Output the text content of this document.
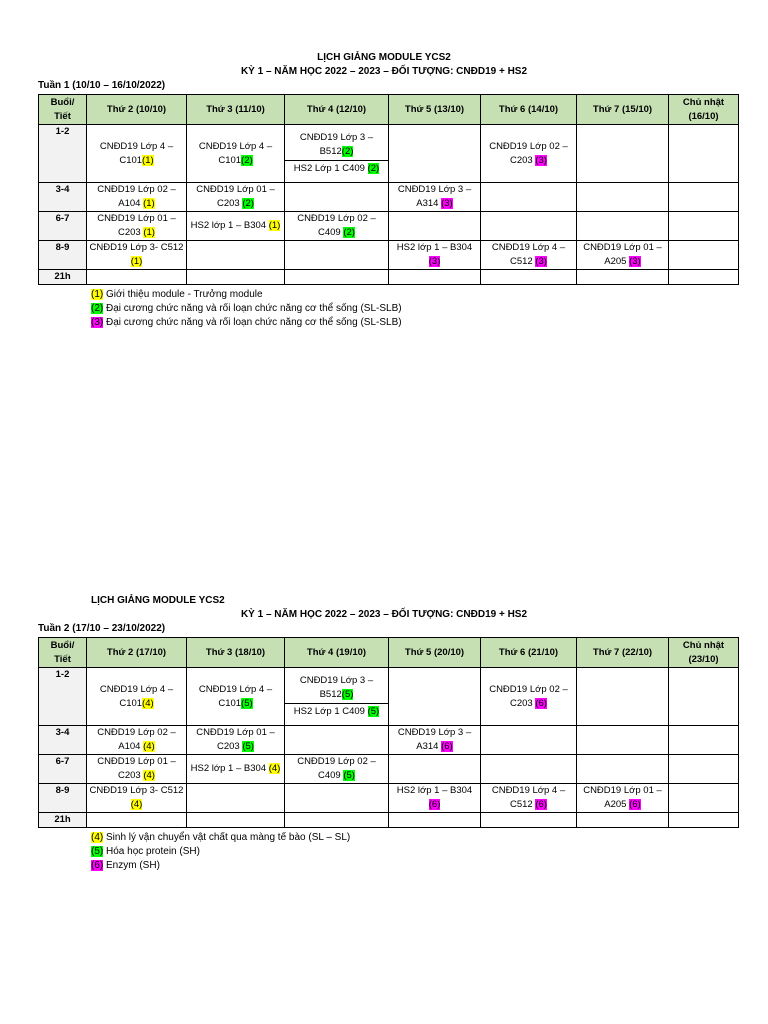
LỊCH GIẢNG MODULE YCS2
KỲ 1 – NĂM HỌC 2022 – 2023 – ĐỐI TƯỢNG: CNĐD19 + HS2
Tuần 1 (10/10 – 16/10/2022)
Buổi/ Tiết	Thứ 2 (10/10)	Thứ 3 (11/10)	Thứ 4 (12/10)	Thứ 5 (13/10)	Thứ 6 (14/10)	Thứ 7 (15/10)	Chủ nhật (16/10)
1-2	CNĐD19 Lớp 4 – C101(1)	CNĐD19 Lớp 4 – C101(2)	CNĐD19 Lớp 3 – B512(2)
HS2 Lớp 1 C409 (2)		CNĐD19 Lớp 02 – C203 (3)		
3-4	CNĐD19 Lớp 02 – A104 (1)	CNĐD19 Lớp 01 – C203 (2)		CNĐD19 Lớp 3 – A314 (3)			
6-7	CNĐD19 Lớp 01 – C203 (1)	HS2 lớp 1 – B304 (1)	CNĐD19 Lớp 02 – C409 (2)				
8-9	CNĐD19 Lớp 3- C512 (1)			HS2 lớp 1 – B304 (3)	CNĐD19 Lớp 4 – C512 (3)	CNĐD19 Lớp 01 – A205 (3)	
21h							
(1) Giới thiệu module - Trưởng module
(2) Đại cương chức năng và rối loạn chức năng cơ thể sống (SL-SLB)
(3) Đại cương chức năng và rối loạn chức năng cơ thể sống (SL-SLB)
LỊCH GIẢNG MODULE YCS2
KỲ 1 – NĂM HỌC 2022 – 2023 – ĐỐI TƯỢNG: CNĐD19 + HS2
Tuần 2 (17/10 – 23/10/2022)
Buổi/ Tiết	Thứ 2 (17/10)	Thứ 3 (18/10)	Thứ 4 (19/10)	Thứ 5 (20/10)	Thứ 6 (21/10)	Thứ 7 (22/10)	Chủ nhật (23/10)
1-2	CNĐD19 Lớp 4 – C101(4)	CNĐD19 Lớp 4 – C101(5)	CNĐD19 Lớp 3 – B512(5)
HS2 Lớp 1 C409 (5)		CNĐD19 Lớp 02 – C203 (6)		
3-4	CNĐD19 Lớp 02 – A104 (4)	CNĐD19 Lớp 01 – C203 (5)		CNĐD19 Lớp 3 – A314 (6)			
6-7	CNĐD19 Lớp 01 – C203 (4)	HS2 lớp 1 – B304 (4)	CNĐD19 Lớp 02 – C409 (5)				
8-9	CNĐD19 Lớp 3- C512 (4)			HS2 lớp 1 – B304 (6)	CNĐD19 Lớp 4 – C512 (6)	CNĐD19 Lớp 01 – A205 (6)	
21h							
(4) Sinh lý vận chuyển vật chất qua màng tế bào (SL – SL)
(5) Hóa học protein (SH)
(6) Enzym (SH)
